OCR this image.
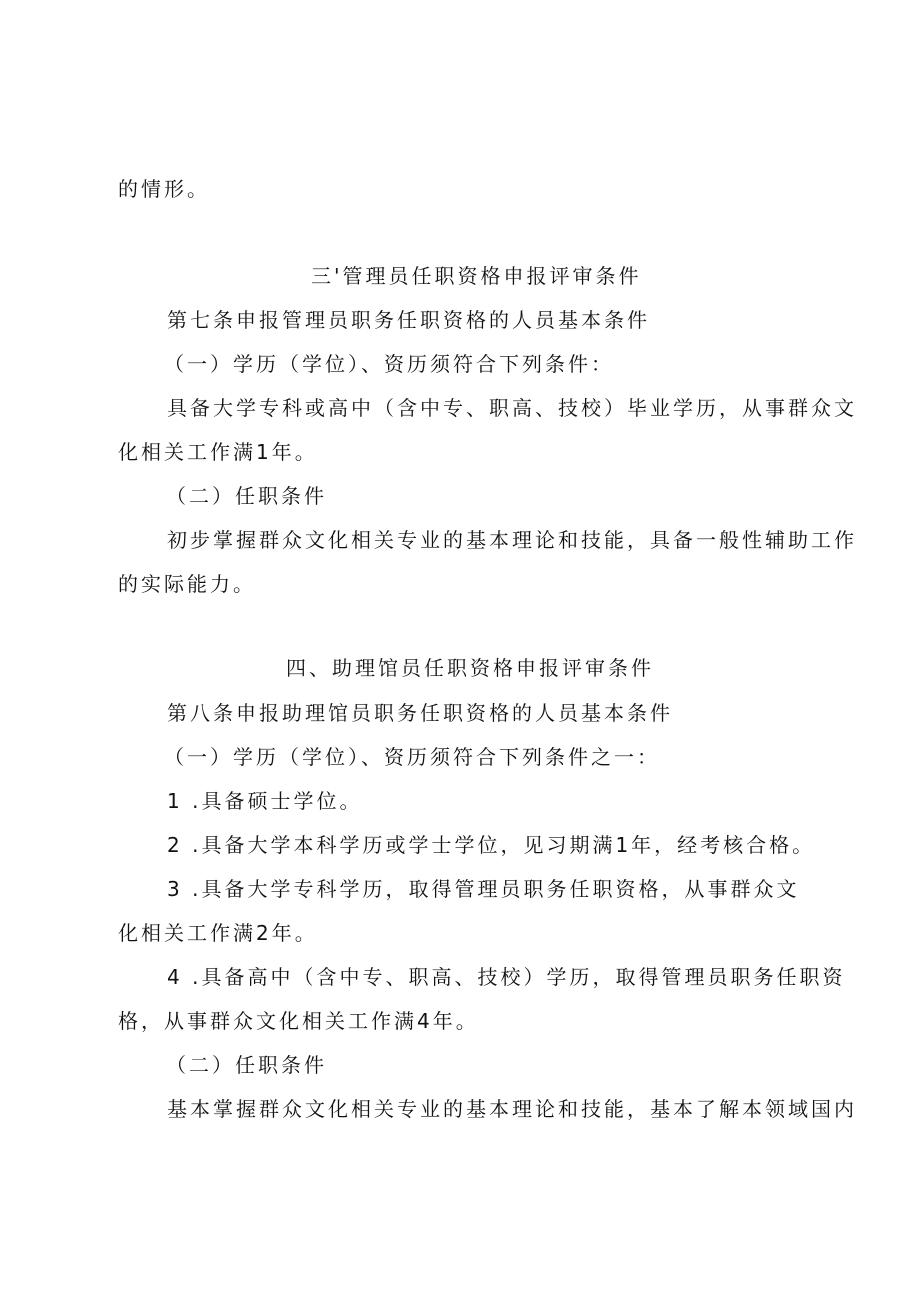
的情形。
三'管理员任职资格申报评审条件
第七条申报管理员职务任职资格的人员基本条件
（一）学历（学位）、资历须符合下列条件：
具备大学专科或高中（含中专、职高、技校）毕业学历，从事群众文
化相关工作满1年。
（二）任职条件
初步掌握群众文化相关专业的基本理论和技能，具备一般性辅助工作
的实际能力。
四、助理馆员任职资格申报评审条件
第八条申报助理馆员职务任职资格的人员基本条件
（一）学历（学位）、资历须符合下列条件之一：
1 .具备硕士学位。
2 .具备大学本科学历或学士学位，见习期满1年，经考核合格。
3 .具备大学专科学历，取得管理员职务任职资格，从事群众文
化相关工作满2年。
4 .具备高中（含中专、职高、技校）学历，取得管理员职务任职资
格，从事群众文化相关工作满4年。
（二）任职条件
基本掌握群众文化相关专业的基本理论和技能，基本了解本领域国内
